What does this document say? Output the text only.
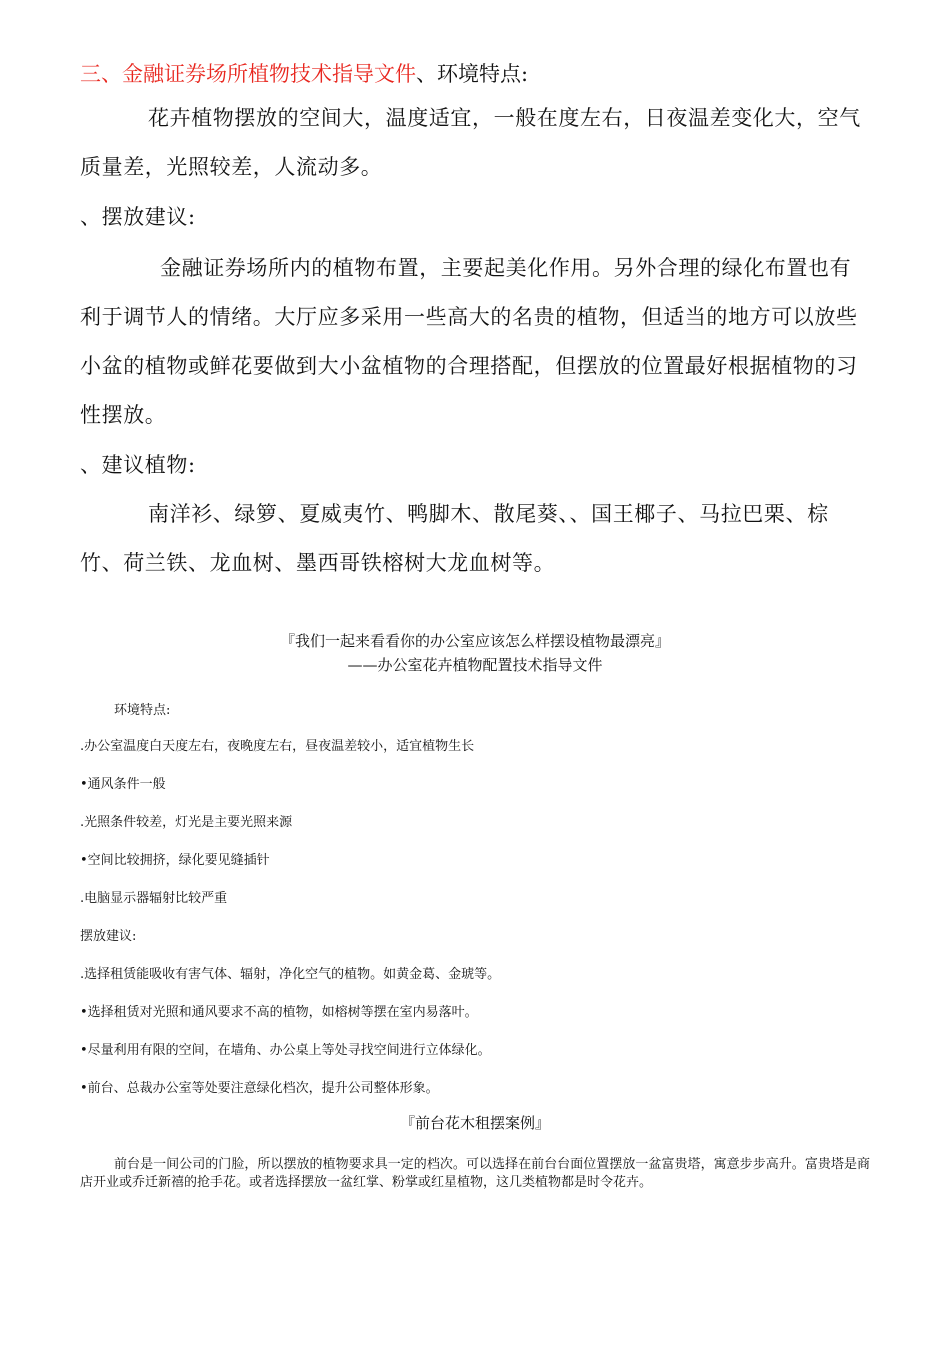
三、金融证券场所植物技术指导文件、环境特点:
花卉植物摆放的空间大，温度适宜，一般在度左右，日夜温差变化大，空气质量差，光照较差，人流动多。
、摆放建议:
金融证券场所内的植物布置，主要起美化作用。另外合理的绿化布置也有利于调节人的情绪。大厅应多采用一些高大的名贵的植物，但适当的地方可以放些小盆的植物或鲜花要做到大小盆植物的合理搭配，但摆放的位置最好根据植物的习性摆放。
、建议植物:
南洋衫、绿箩、夏威夷竹、鸭脚木、散尾葵、、国王椰子、马拉巴栗、棕竹、荷兰铁、龙血树、墨西哥铁榕树大龙血树等。
『我们一起来看看你的办公室应该怎么样摆设植物最漂亮』
——办公室花卉植物配置技术指导文件
环境特点:
.办公室温度白天度左右，夜晚度左右，昼夜温差较小，适宜植物生长
•通风条件一般
.光照条件较差，灯光是主要光照来源
•空间比较拥挤，绿化要见缝插针
.电脑显示器辐射比较严重
摆放建议:
.选择租赁能吸收有害气体、辐射，净化空气的植物。如黄金葛、金琥等。
•选择租赁对光照和通风要求不高的植物，如榕树等摆在室内易落叶。
•尽量利用有限的空间，在墙角、办公桌上等处寻找空间进行立体绿化。
•前台、总裁办公室等处要注意绿化档次，提升公司整体形象。
『前台花木租摆案例』
前台是一间公司的门脸，所以摆放的植物要求具一定的档次。可以选择在前台台面位置摆放一盆富贵塔，寓意步步高升。富贵塔是商店开业或乔迁新禧的抢手花。或者选择摆放一盆红掌、粉掌或红星植物，这几类植物都是时令花卉。
